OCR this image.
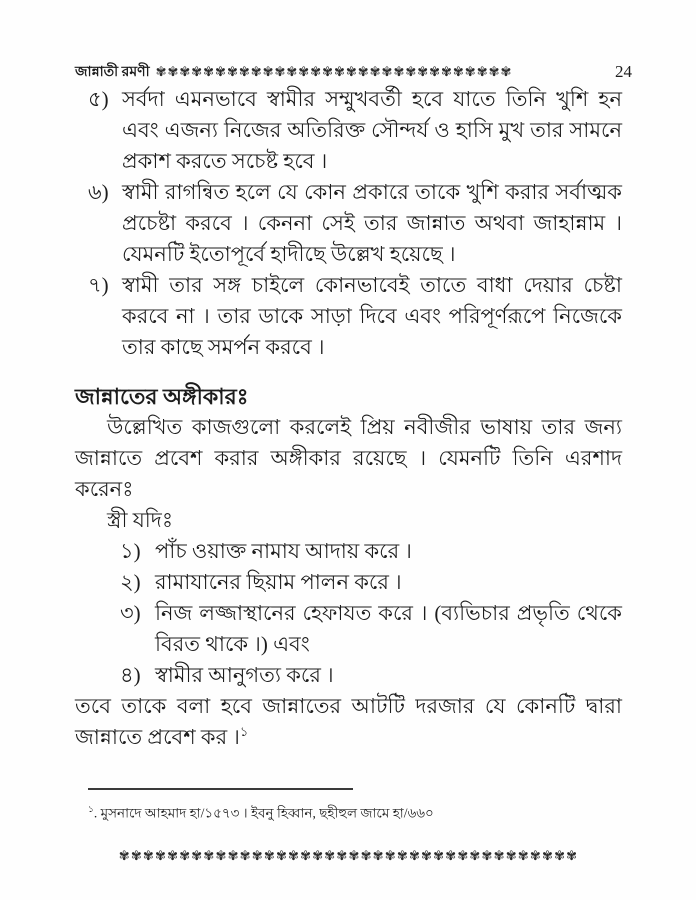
জান্নাতী রমণী ✾✾✾✾✾✾✾✾✾✾✾✾✾✾✾✾✾✾✾✾✾✾✾✾✾✾✾✾✾✾	24
৫) সর্বদা এমনভাবে স্বামীর সম্মুখবর্তী হবে যাতে তিনি খুশি হন এবং এজন্য নিজের অতিরিক্ত সৌন্দর্য ও হাসি মুখ তার সামনে প্রকাশ করতে সচেষ্ট হবে ।
৬) স্বামী রাগন্বিত হলে যে কোন প্রকারে তাকে খুশি করার সর্বাত্মক প্রচেষ্টা করবে । কেননা সেই তার জান্নাত অথবা জাহান্নাম । যেমনটি ইতোপূর্বে হাদীছে উল্লেখ হয়েছে ।
৭) স্বামী তার সঙ্গ চাইলে কোনভাবেই তাতে বাধা দেয়ার চেষ্টা করবে না । তার ডাকে সাড়া দিবে এবং পরিপূর্ণরূপে নিজেকে তার কাছে সমর্পন করবে ।
জান্নাতের অঙ্গীকারঃ
উল্লেখিত কাজগুলো করলেই প্রিয় নবীজীর ভাষায় তার জন্য জান্নাতে প্রবেশ করার অঙ্গীকার রয়েছে । যেমনটি তিনি এরশাদ করেনঃ
স্ত্রী যদিঃ
১) পাঁচ ওয়াক্ত নামায আদায় করে ।
২) রামাযানের ছিয়াম পালন করে ।
৩) নিজ লজ্জাস্থানের হেফাযত করে । (ব্যভিচার প্রভৃতি থেকে বিরত থাকে ।) এবং
৪) স্বামীর আনুগত্য করে ।
তবে তাকে বলা হবে জান্নাতের আটটি দরজার যে কোনটি দ্বারা জান্নাতে প্রবেশ কর ।$^১$
$^১$. মুসনাদে আহমাদ হা/১৫৭৩ । ইবনু হিব্বান, ছহীহুল জামে হা/৬৬০
✾✾✾✾✾✾✾✾✾✾✾✾✾✾✾✾✾✾✾✾✾✾✾✾✾✾✾✾✾✾✾✾✾✾✾✾✾✾
